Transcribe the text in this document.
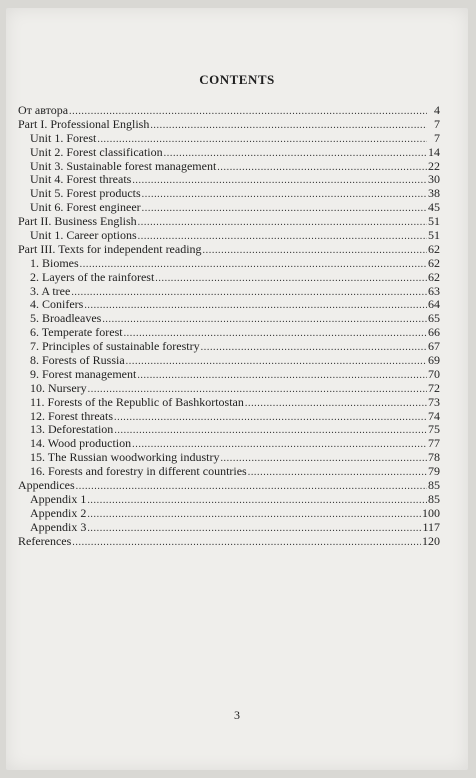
CONTENTS
От автора .....	4
Part I. Professional English .....	7
Unit 1. Forest .....	7
Unit 2. Forest classification .....	14
Unit 3. Sustainable forest management .....	22
Unit 4. Forest threats .....	30
Unit 5. Forest products .....	38
Unit 6. Forest engineer .....	45
Part II. Business English .....	51
Unit 1. Career options .....	51
Part III. Texts for independent reading .....	62
1. Biomes .....	62
2. Layers of the rainforest .....	62
3. A tree .....	63
4. Conifers .....	64
5. Broadleaves .....	65
6. Temperate forest .....	66
7. Principles of sustainable forestry .....	67
8. Forests of Russia .....	69
9. Forest management .....	70
10. Nursery .....	72
11. Forests of the Republic of Bashkortostan .....	73
12. Forest threats .....	74
13. Deforestation .....	75
14. Wood production .....	77
15. The Russian woodworking industry .....	78
16. Forests and forestry in different countries .....	79
Appendices .....	85
Appendix 1 .....	85
Appendix 2 .....	100
Appendix 3 .....	117
References .....	120
3
